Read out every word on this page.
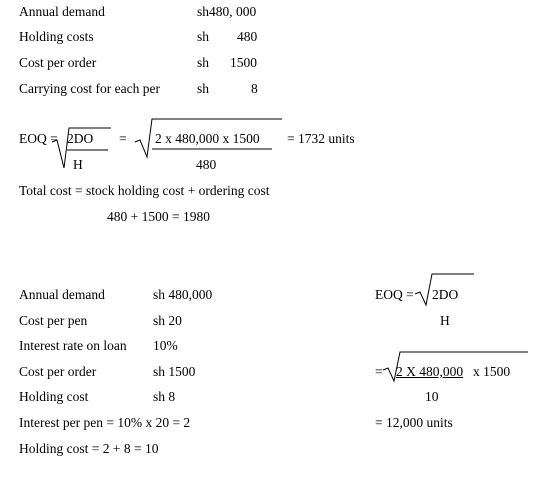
Annual demand	sh480, 000
Holding costs	sh 480
Cost per order	sh 1500
Carrying cost for each per	sh	8
EOQ = 2DO
H
= 2 x 480,000 x 1500
480
= 1732 units
Total cost = stock holding cost + ordering cost
480 + 1500 = 1980
Annual demand	sh 480,000
Cost per pen	sh 20
Interest rate on loan 10%
Cost per order	sh 1500
Holding cost	sh 8
Interest per pen = 10% x 20 = 2
Holding cost = 2 + 8 = 10
EOQ = 2DO
H
= 2 X 480,000 x 1500
10
= 12,000 units
